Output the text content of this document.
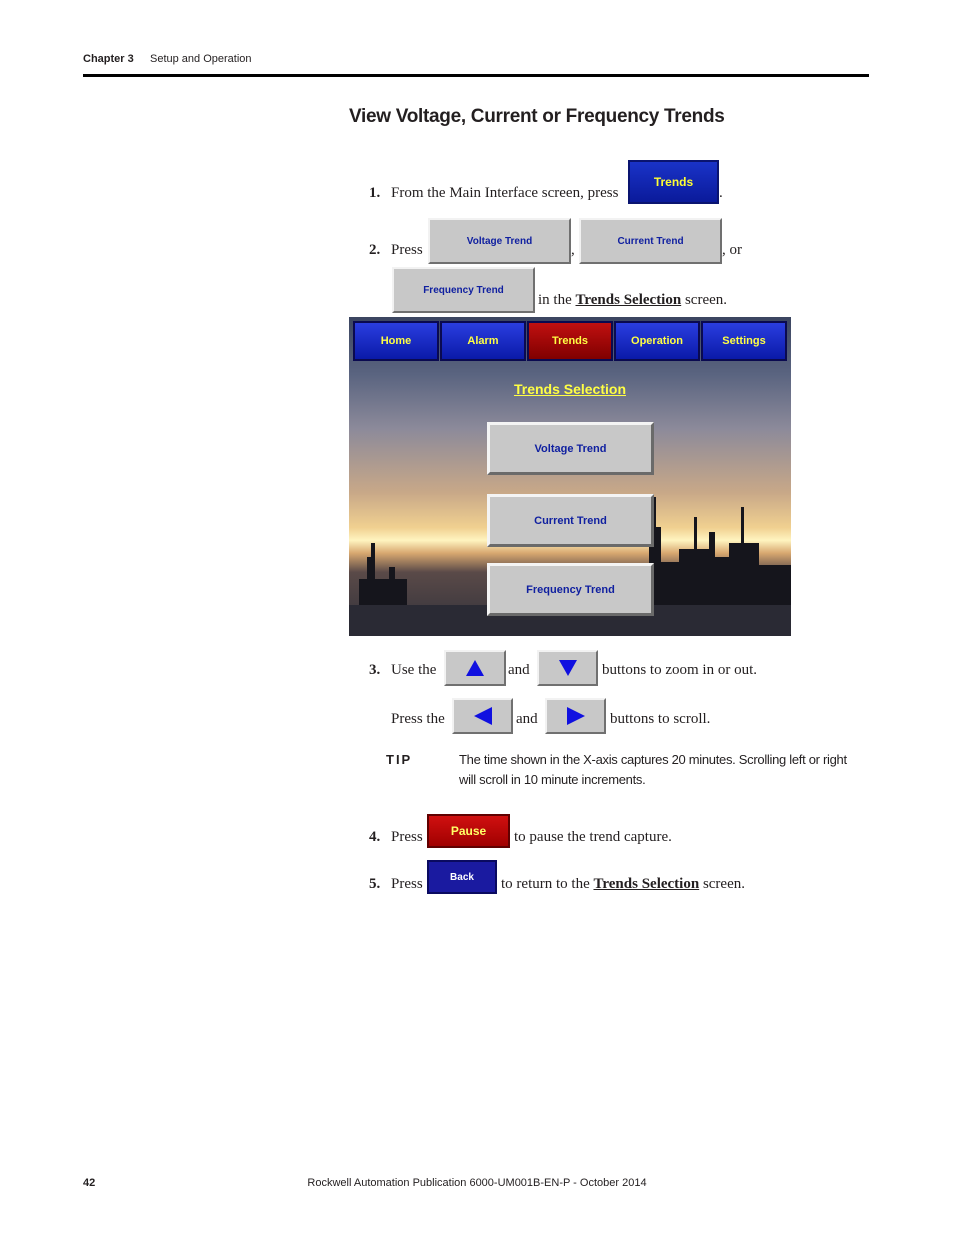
Chapter 3 Setup and Operation
View Voltage, Current or Frequency Trends
1. From the Main Interface screen, press
Trends
.
2. Press
Voltage Trend
,
Current Trend
, or
Frequency Trend
in the Trends Selection screen.
Home	Alarm	Trends	Operation	Settings
Trends Selection
Voltage Trend
Current Trend
Frequency Trend
3. Use the	and	buttons to zoom in or out.
Press the	and	buttons to scroll.
TIP	The time shown in the X-axis captures 20 minutes. Scrolling left or right will scroll in 10 minute increments.
4. Press	Pause	to pause the trend capture.
5. Press	Back	to return to the Trends Selection screen.
42	Rockwell Automation Publication 6000-UM001B-EN-P - October 2014
